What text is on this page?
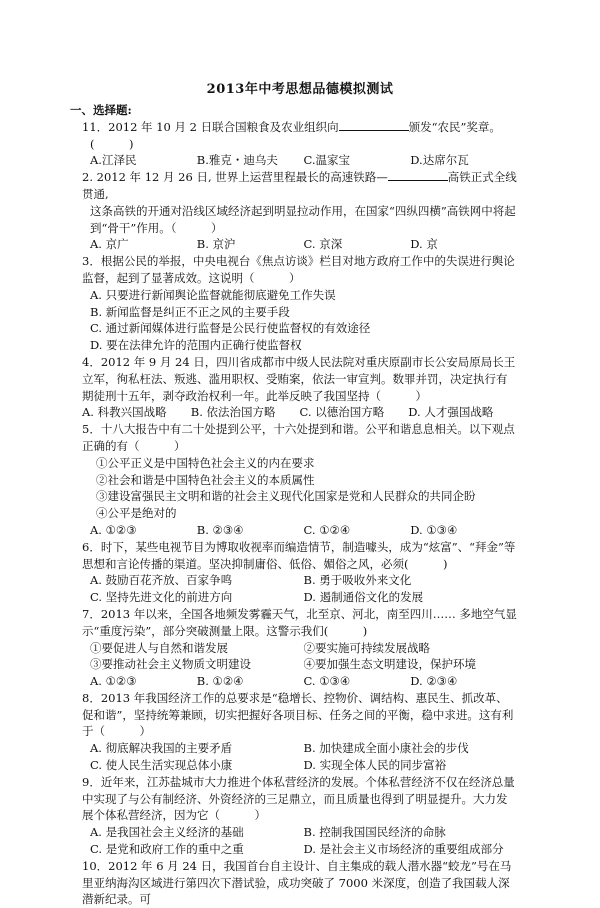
2013年中考思想品德模拟测试
一、选择题:
11．2012 年 10 月 2 日联合国粮食及农业组织向	颁发“农民”奖章。
(　　　)
A.江泽民	B.雅克・迪乌夫	C.温家宝	D.达席尔瓦
2. 2012 年 12 月 26 日, 世界上运营里程最长的高速铁路—	高铁正式全线贯通,
这条高铁的开通对沿线区域经济起到明显拉动作用，在国家“四纵四横”高铁网中将起到“骨干”作用。（　　　）
A. 京广	B. 京沪	C. 京深	D. 京
3．根据公民的举报，中央电视台《焦点访谈》栏目对地方政府工作中的失误进行舆论监督，起到了显著成效。这说明（　　　）
A. 只要进行新闻舆论监督就能彻底避免工作失误
B. 新闻监督是纠正不正之风的主要手段
C. 通过新闻媒体进行监督是公民行使监督权的有效途径
D. 要在法律允许的范围内正确行使监督权
4．2012 年 9 月 24 日，四川省成都市中级人民法院对重庆原副市长公安局原局长王立军，徇私枉法、叛逃、滥用职权、受贿案，依法一审宣判。数罪并罚，决定执行有期徒刑十五年，剥夺政治权利一年。此举反映了我国坚持（　　　）
A. 科教兴国战略	B. 依法治国方略	C. 以德治国方略	D. 人才强国战略
5．十八大报告中有二十处提到公平，十六处提到和谐。公平和谐息息相关。以下观点正确的有（　　　）
①公平正义是中国特色社会主义的内在要求
②社会和谐是中国特色社会主义的本质属性
③建设富强民主文明和谐的社会主义现代化国家是党和人民群众的共同企盼
④公平是绝对的
A. ①②③	B. ②③④	C. ①②④	D. ①③④
6．时下，某些电视节目为博取收视率而编造情节，制造噱头，成为“炫富”、“拜金”等思想和言论传播的渠道。坚决抑制庸俗、低俗、媚俗之风，必须(　　　)
A. 鼓励百花齐放、百家争鸣	B. 勇于吸收外来文化
C. 坚持先进文化的前进方向	D. 遏制通俗文化的发展
7．2013 年以来，全国各地频发雾霾天气，北至京、河北，南至四川…… 多地空气显示“重度污染”，部分突破测量上限。这警示我们(　　　)
①要促进人与自然和谐发展	②要实施可持续发展战略
③要推动社会主义物质文明建设	④要加强生态文明建设，保护环境
A. ①②③	B. ①②④	C. ①③④	D. ②③④
8．2013 年我国经济工作的总要求是“稳增长、控物价、调结构、惠民生、抓改革、促和谐”，坚持统筹兼顾，切实把握好各项目标、任务之间的平衡，稳中求进。这有利于（　　　）
A. 彻底解决我国的主要矛盾	B. 加快建成全面小康社会的步伐
C. 使人民生活实现总体小康	D. 实现全体人民的同步富裕
9．近年来，江苏盐城市大力推进个体私营经济的发展。个体私营经济不仅在经济总量中实现了与公有制经济、外资经济的三足鼎立，而且质量也得到了明显提升。大力发展个体私营经济，因为它（　　　）
A. 是我国社会主义经济的基础	B. 控制我国国民经济的命脉
C. 是党和政府工作的重中之重	D. 是社会主义市场经济的重要组成部分
10．2012 年 6 月 24 日，我国首台自主设计、自主集成的载人潜水器“蛟龙”号在马里亚纳海沟区域进行第四次下潜试验，成功突破了 7000 米深度，创造了我国载人深潜新纪录。可
